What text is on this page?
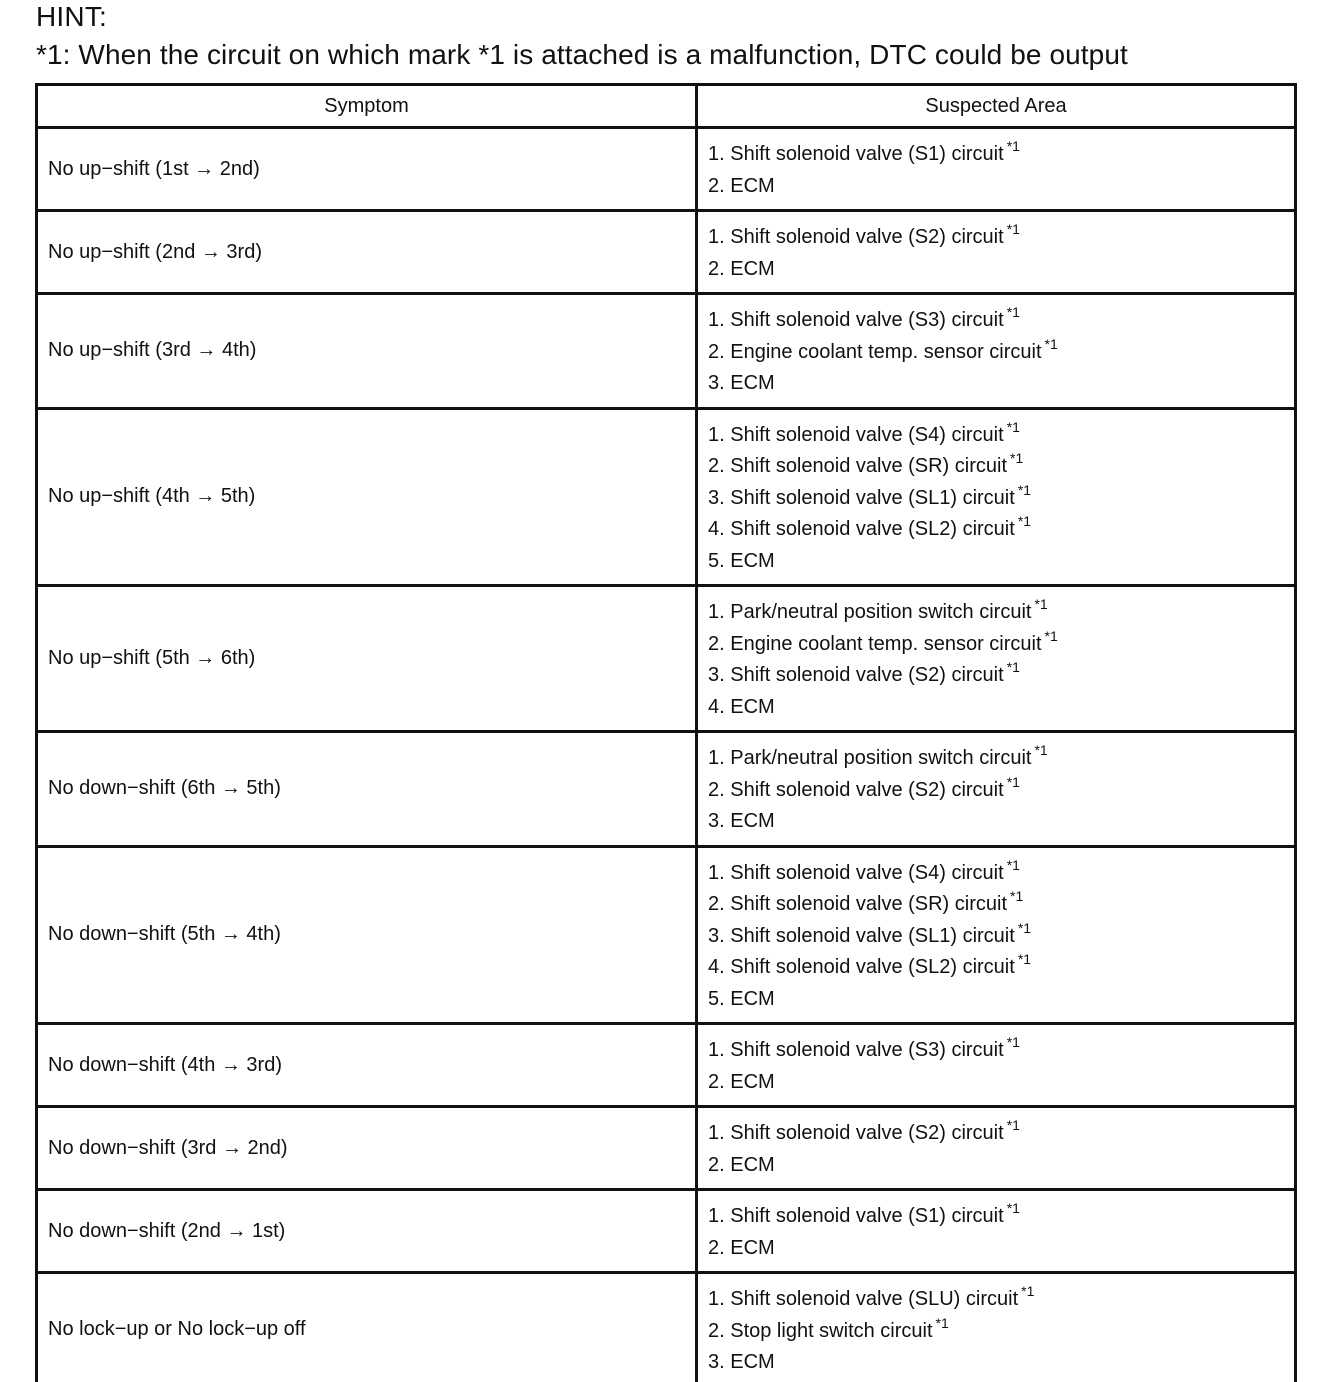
HINT:
*1: When the circuit on which mark *1 is attached is a malfunction, DTC could be output
Symptom	Suspected Area
No up−shift (1st → 2nd)	1. Shift solenoid valve (S1) circuit $^{*1}$
2. ECM

No up−shift (2nd → 3rd)	1. Shift solenoid valve (S2) circuit $^{*1}$
2. ECM

No up−shift (3rd → 4th)	1. Shift solenoid valve (S3) circuit $^{*1}$
2. Engine coolant temp. sensor circuit $^{*1}$
3. ECM

No up−shift (4th → 5th)	1. Shift solenoid valve (S4) circuit $^{*1}$
2. Shift solenoid valve (SR) circuit $^{*1}$
3. Shift solenoid valve (SL1) circuit $^{*1}$
4. Shift solenoid valve (SL2) circuit $^{*1}$
5. ECM

No up−shift (5th → 6th)	1. Park/neutral position switch circuit $^{*1}$
2. Engine coolant temp. sensor circuit $^{*1}$
3. Shift solenoid valve (S2) circuit $^{*1}$
4. ECM

No down−shift (6th → 5th)	1. Park/neutral position switch circuit $^{*1}$
2. Shift solenoid valve (S2) circuit $^{*1}$
3. ECM

No down−shift (5th → 4th)	1. Shift solenoid valve (S4) circuit $^{*1}$
2. Shift solenoid valve (SR) circuit $^{*1}$
3. Shift solenoid valve (SL1) circuit $^{*1}$
4. Shift solenoid valve (SL2) circuit $^{*1}$
5. ECM

No down−shift (4th → 3rd)	1. Shift solenoid valve (S3) circuit $^{*1}$
2. ECM

No down−shift (3rd → 2nd)	1. Shift solenoid valve (S2) circuit $^{*1}$
2. ECM

No down−shift (2nd → 1st)	1. Shift solenoid valve (S1) circuit $^{*1}$
2. ECM

No lock−up or No lock−up off	1. Shift solenoid valve (SLU) circuit $^{*1}$
2. Stop light switch circuit $^{*1}$
3. ECM
